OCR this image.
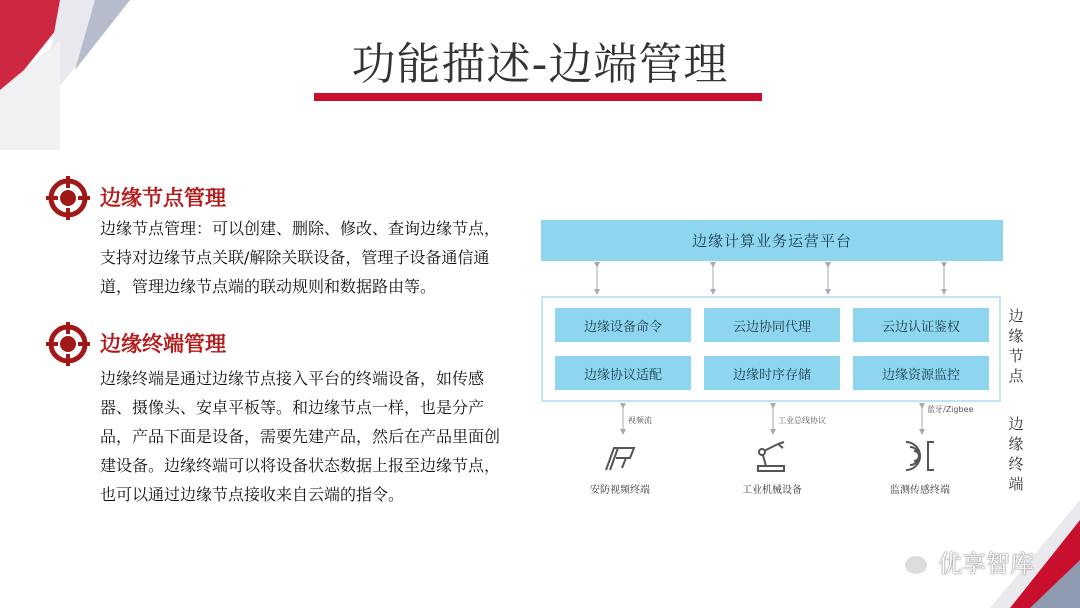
功能描述-边端管理
边缘节点管理
边缘节点管理：可以创建、删除、修改、查询边缘节点，支持对边缘节点关联/解除关联设备，管理子设备通信通道，管理边缘节点端的联动规则和数据路由等。
边缘终端管理
边缘终端是通过边缘节点接入平台的终端设备，如传感器、摄像头、安卓平板等。和边缘节点一样，也是分产品，产品下面是设备，需要先建产品，然后在产品里面创建设备。边缘终端可以将设备状态数据上报至边缘节点，也可以通过边缘节点接收来自云端的指令。
边缘计算业务运营平台
边缘设备命令	云边协同代理	云边认证鉴权
边缘协议适配	边缘时序存储	边缘资源监控
边缘节点
边缘终端
视频流	工业总线协议
蓝牙/Zigbee
安防视频终端	工业机械设备	监测传感终端
优享智库
